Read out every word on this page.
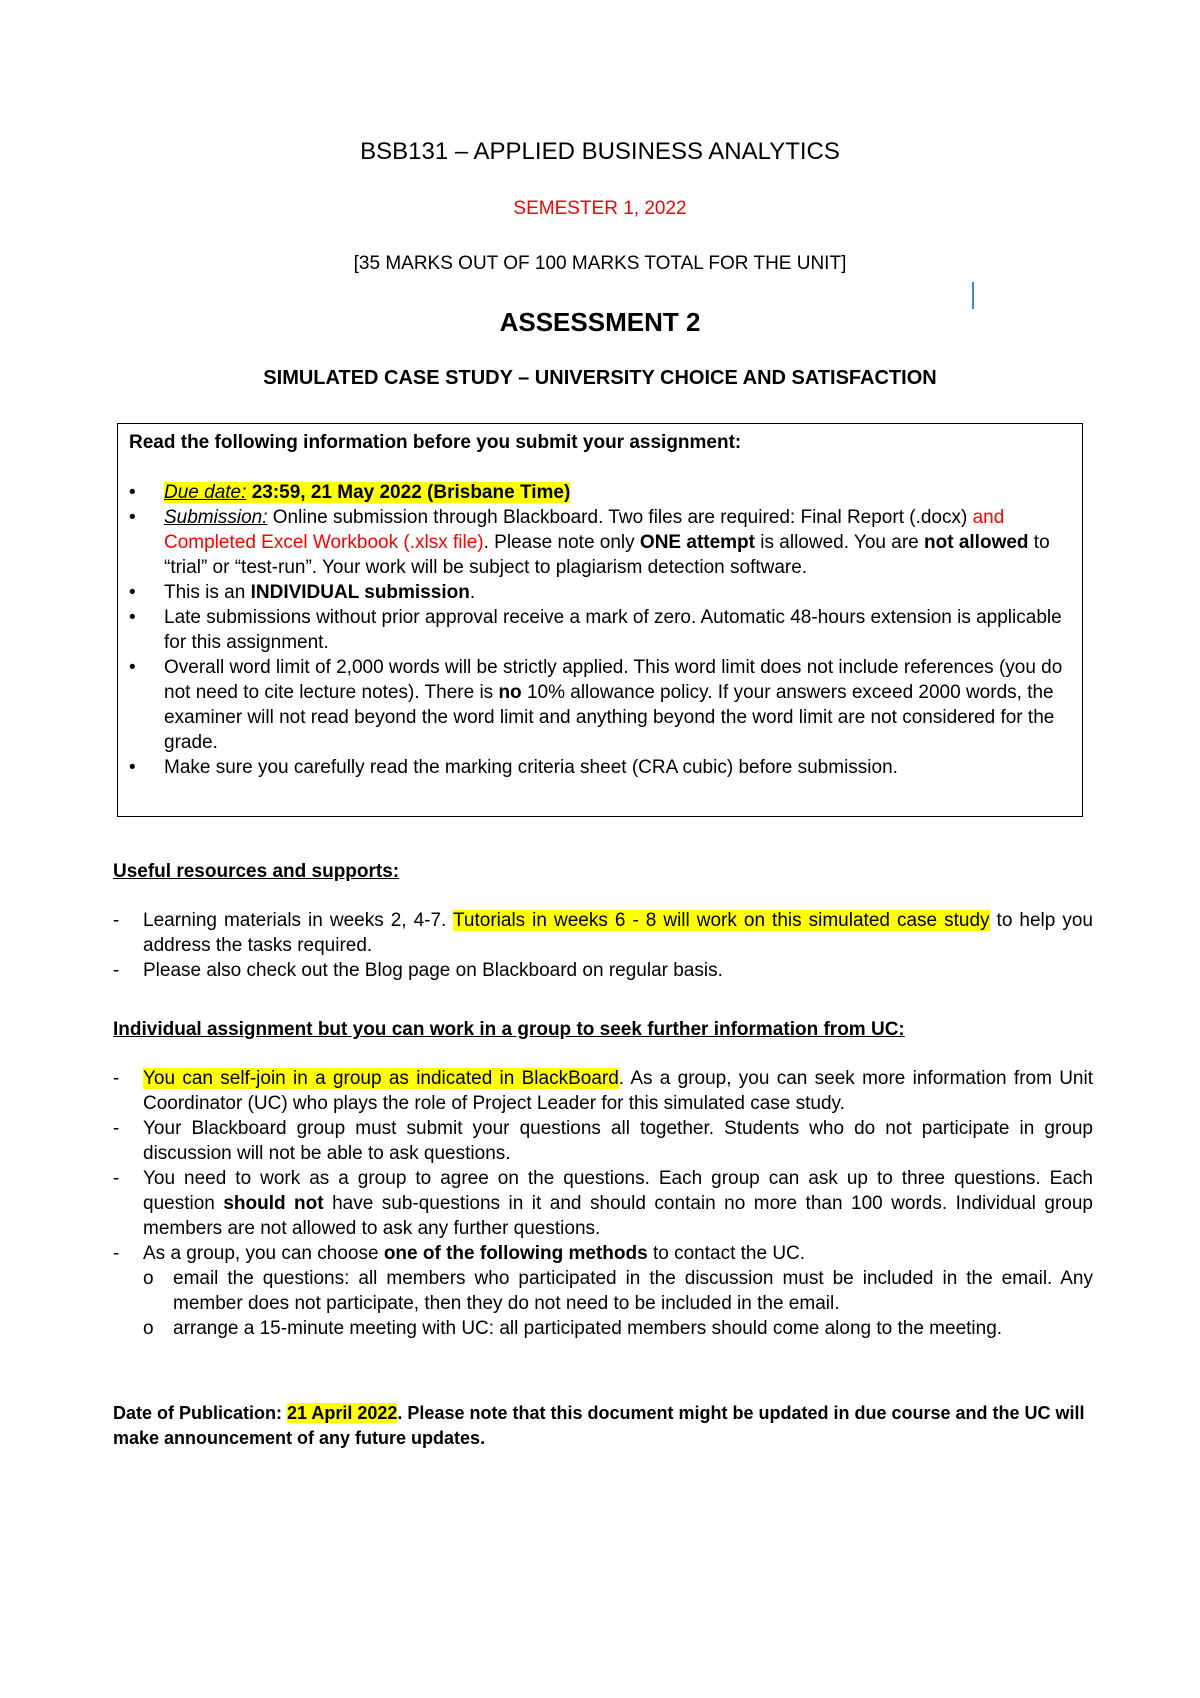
BSB131 – APPLIED BUSINESS ANALYTICS
SEMESTER 1, 2022
[35 MARKS OUT OF 100 MARKS TOTAL FOR THE UNIT]
ASSESSMENT 2
SIMULATED CASE STUDY – UNIVERSITY CHOICE AND SATISFACTION
Read the following information before you submit your assignment:
• Due date: 23:59, 21 May 2022 (Brisbane Time)
• Submission: Online submission through Blackboard. Two files are required: Final Report (.docx) and Completed Excel Workbook (.xlsx file). Please note only ONE attempt is allowed. You are not allowed to “trial” or “test-run”. Your work will be subject to plagiarism detection software.
• This is an INDIVIDUAL submission.
• Late submissions without prior approval receive a mark of zero. Automatic 48-hours extension is applicable for this assignment.
• Overall word limit of 2,000 words will be strictly applied. This word limit does not include references (you do not need to cite lecture notes). There is no 10% allowance policy. If your answers exceed 2000 words, the examiner will not read beyond the word limit and anything beyond the word limit are not considered for the grade.
• Make sure you carefully read the marking criteria sheet (CRA cubic) before submission.
Useful resources and supports:
- Learning materials in weeks 2, 4-7. Tutorials in weeks 6 - 8 will work on this simulated case study to help you address the tasks required.
- Please also check out the Blog page on Blackboard on regular basis.
Individual assignment but you can work in a group to seek further information from UC:
- You can self-join in a group as indicated in BlackBoard. As a group, you can seek more information from Unit Coordinator (UC) who plays the role of Project Leader for this simulated case study.
- Your Blackboard group must submit your questions all together. Students who do not participate in group discussion will not be able to ask questions.
- You need to work as a group to agree on the questions. Each group can ask up to three questions. Each question should not have sub-questions in it and should contain no more than 100 words. Individual group members are not allowed to ask any further questions.
- As a group, you can choose one of the following methods to contact the UC.
o email the questions: all members who participated in the discussion must be included in the email. Any member does not participate, then they do not need to be included in the email.
o arrange a 15-minute meeting with UC: all participated members should come along to the meeting.
Date of Publication: 21 April 2022. Please note that this document might be updated in due course and the UC will make announcement of any future updates.
